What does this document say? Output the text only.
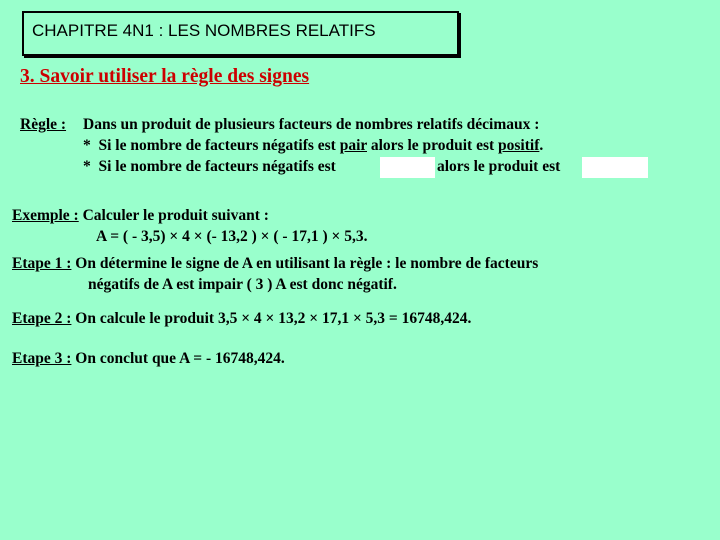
CHAPITRE 4N1 : LES NOMBRES RELATIFS
3. Savoir utiliser la règle des signes
Règle : Dans un produit de plusieurs facteurs de nombres relatifs décimaux :
* Si le nombre de facteurs négatifs est pair alors le produit est positif.
* Si le nombre de facteurs négatifs est	alors le produit est
Exemple : Calculer le produit suivant :
A = ( - 3,5) × 4 × (- 13,2 ) × ( - 17,1 ) × 5,3.
Etape 1 : On détermine le signe de A en utilisant la règle : le nombre de facteurs
négatifs de A est impair ( 3 ) A est donc négatif.
Etape 2 : On calcule le produit 3,5 × 4 × 13,2 × 17,1 × 5,3 = 16748,424.
Etape 3 : On conclut que A = - 16748,424.
